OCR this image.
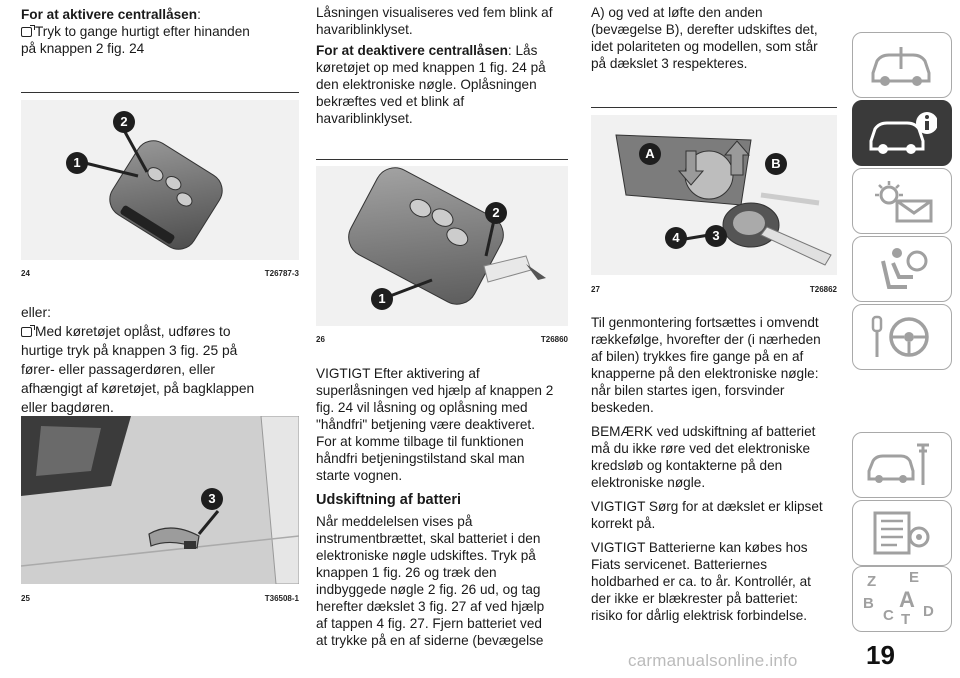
For at aktivere centrallåsen:

Tryk to gange hurtigt efter hinanden

på knappen 2 fig. 24

2
1
24	T26787-3

eller:

Med køretøjet oplåst, udføres to

hurtige tryk på knappen 3 fig. 25 på

fører- eller passagerdøren, eller

afhængigt af køretøjet, på bagklappen

eller bagdøren.

3
25	T36508-1

Låsningen visualiseres ved fem blink af

havariblinklyset.

For at deaktivere centrallåsen: Lås

køretøjet op med knappen 1 fig. 24 på

den elektroniske nøgle. Oplåsningen

bekræftes ved et blink af

havariblinklyset.

2
1
26	T26860
VIGTIGT Efter aktivering af
superlåsningen ved hjælp af knappen 2
fig. 24 vil låsning og oplåsning med
"håndfri" betjening være deaktiveret.
For at komme tilbage til funktionen
håndfri betjeningstilstand skal man
starte vognen.
Udskiftning af batteri
Når meddelelsen vises på
instrumentbrættet, skal batteriet i den
elektroniske nøgle udskiftes. Tryk på
knappen 1 fig. 26 og træk den
indbyggede nøgle 2 fig. 26 ud, og tag
herefter dækslet 3 fig. 27 af ved hjælp
af tappen 4 fig. 27. Fjern batteriet ved
at trykke på en af siderne (bevægelse
A) og ved at løfte den anden
(bevægelse B), derefter udskiftes det,
idet polariteten og modellen, som står
på dækslet 3 respekteres.
A
B
4	3
27	T26862
Til genmontering fortsættes i omvendt
rækkefølge, hvorefter der (i nærheden
af bilen) trykkes fire gange på en af
knapperne på den elektroniske nøgle:
når bilen startes igen, forsvinder
beskeden.
BEMÆRK ved udskiftning af batteriet
må du ikke røre ved det elektroniske
kredsløb og kontakterne på den
elektroniske nøgle.
VIGTIGT Sørg for at dækslet er klipset
korrekt på.
VIGTIGT Batterierne kan købes hos
Fiats servicenet. Batteriernes
holdbarhed er ca. to år. Kontrollér, at
der ikke er blækrester på batteriet:
risiko for dårlig elektrisk forbindelse.
Z E
B A
C T D
19
carmanualsonline.info
